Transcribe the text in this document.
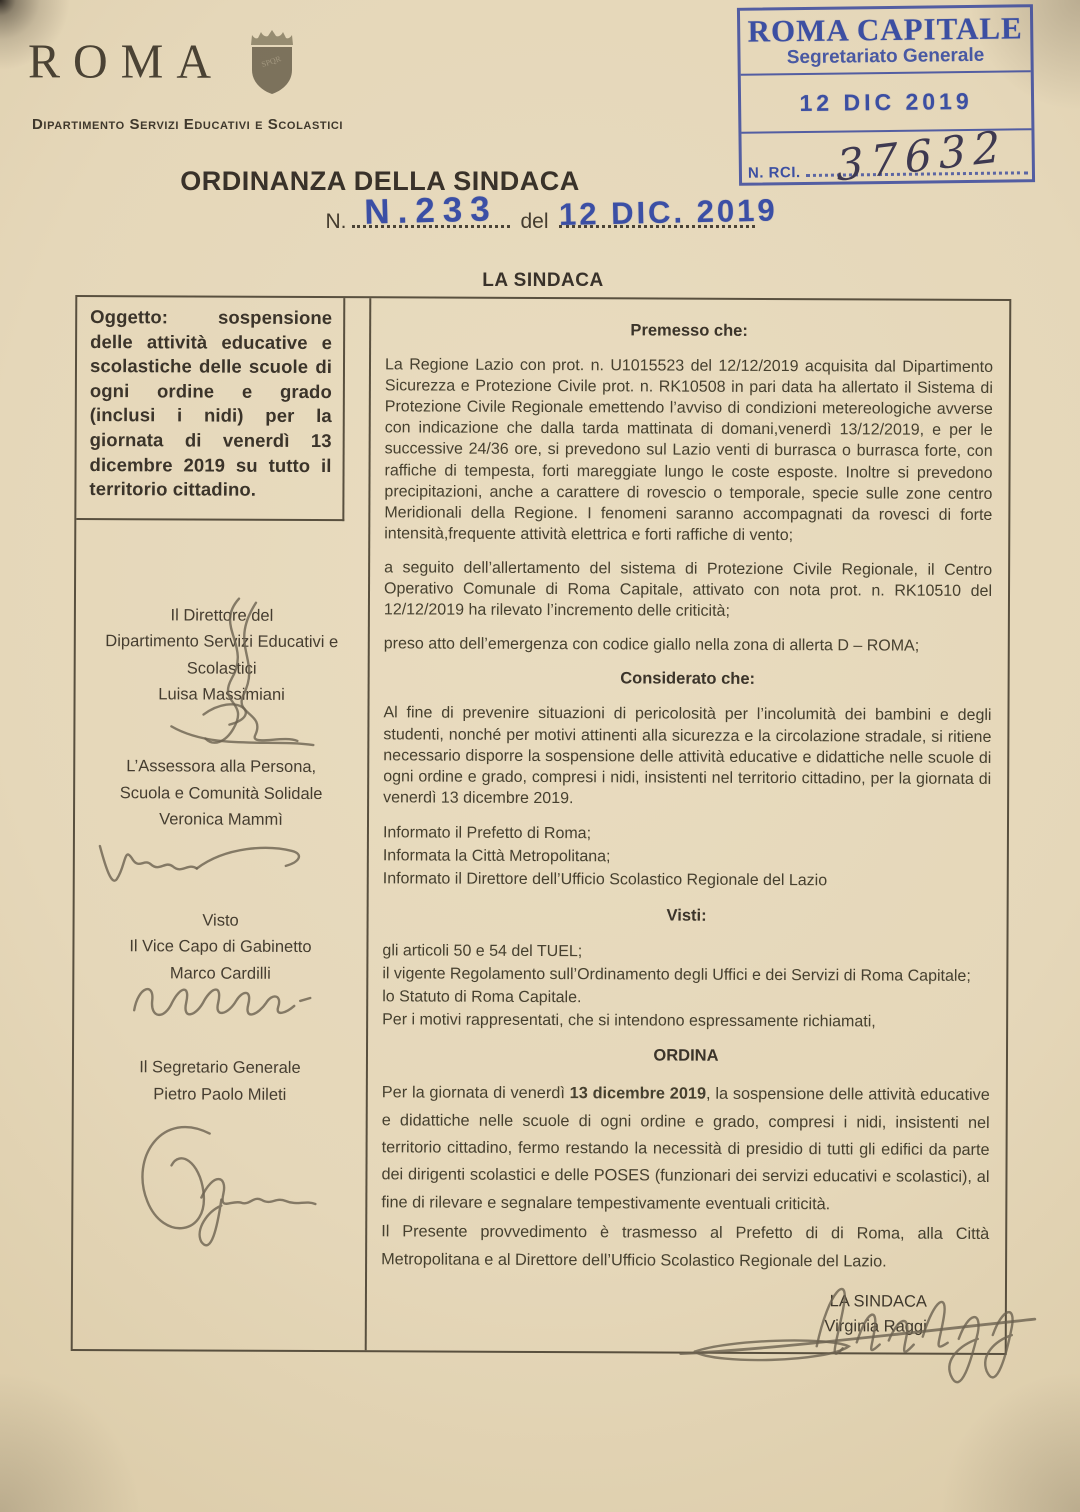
ROMA	SPQR
Dipartimento Servizi Educativi e Scolastici
ROMA CAPITALE
Segretariato Generale
12 DIC 2019
N. RCI. 37632
ORDINANZA DELLA SINDACA
N. N.233	del 12 DIC. 2019
LA SINDACA
Oggetto: sospensione delle attività educative e scolastiche delle scuole di ogni ordine e grado (inclusi i nidi) per la giornata di venerdì 13 dicembre 2019 su tutto il territorio cittadino.
Il Direttore del
Dipartimento Servizi Educativi e
Scolastici
Luisa Massimiani
L’Assessora alla Persona,
Scuola e Comunità Solidale
Veronica Mammì
Visto
Il Vice Capo di Gabinetto
Marco Cardilli
Il Segretario Generale
Pietro Paolo Mileti
Premesso che:

La Regione Lazio con prot. n. U1015523 del 12/12/2019 acquisita dal Dipartimento Sicurezza e Protezione Civile prot. n. RK10508 in pari data ha allertato il Sistema di Protezione Civile Regionale emettendo l’avviso di condizioni metereologiche avverse con indicazione che dalla tarda mattinata di domani,venerdì 13/12/2019, e per le successive 24/36 ore, si prevedono sul Lazio venti di burrasca o burrasca forte, con raffiche di tempesta, forti mareggiate lungo le coste esposte. Inoltre si prevedono precipitazioni, anche a carattere di rovescio o temporale, specie sulle zone centro Meridionali della Regione. I fenomeni saranno accompagnati da rovesci di forte intensità,frequente attività elettrica e forti raffiche di vento;

a seguito dell’allertamento del sistema di Protezione Civile Regionale, il Centro Operativo Comunale di Roma Capitale, attivato con nota prot. n. RK10510 del 12/12/2019 ha rilevato l’incremento delle criticità;

preso atto dell’emergenza con codice giallo nella zona di allerta D – ROMA;

Considerato che:

Al fine di prevenire situazioni di pericolosità per l’incolumità dei bambini e degli studenti, nonché per motivi attinenti alla sicurezza e la circolazione stradale, si ritiene necessario disporre la sospensione delle attività educative e didattiche nelle scuole di ogni ordine e grado, compresi i nidi, insistenti nel territorio cittadino, per la giornata di venerdì 13 dicembre 2019.

Informato il Prefetto di Roma;
Informata la Città Metropolitana;
Informato il Direttore dell’Ufficio Scolastico Regionale del Lazio
Visti:
gli articoli 50 e 54 del TUEL;
il vigente Regolamento sull’Ordinamento degli Uffici e dei Servizi di Roma Capitale;
lo Statuto di Roma Capitale.
Per i motivi rappresentati, che si intendono espressamente richiamati,
ORDINA

Per la giornata di venerdì 13 dicembre 2019, la sospensione delle attività educative e didattiche nelle scuole di ogni ordine e grado, compresi i nidi, insistenti nel territorio cittadino, fermo restando la necessità di presidio di tutti gli edifici da parte dei dirigenti scolastici e delle POSES (funzionari dei servizi educativi e scolastici), al fine di rilevare e segnalare tempestivamente eventuali criticità.

Il Presente provvedimento è trasmesso al Prefetto di di Roma, alla Città Metropolitana e al Direttore dell’Ufficio Scolastico Regionale del Lazio.

LA SINDACA
Virginia Raggi
